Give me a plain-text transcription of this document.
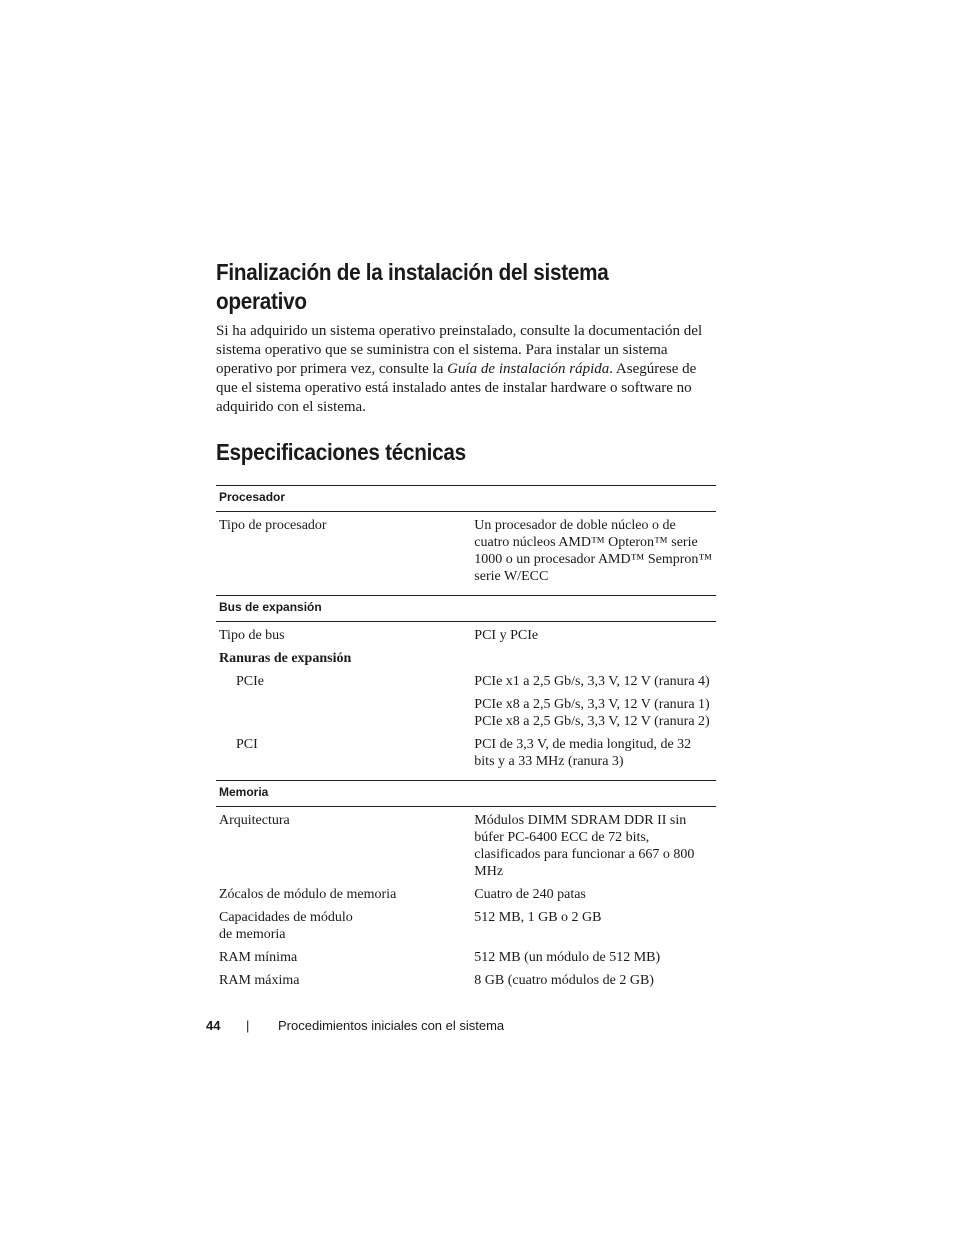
Finalización de la instalación del sistema
operativo

Si ha adquirido un sistema operativo preinstalado, consulte la documentación del sistema operativo que se suministra con el sistema. Para instalar un sistema operativo por primera vez, consulte la Guía de instalación rápida. Asegúrese de que el sistema operativo está instalado antes de instalar hardware o software no adquirido con el sistema.

Especificaciones técnicas
Procesador	
Tipo de procesador	Un procesador de doble núcleo o de cuatro núcleos AMD™ Opteron™ serie 1000 o un procesador AMD™ Sempron™ serie W/ECC
Bus de expansión	
Tipo de bus	PCI y PCIe
Ranuras de expansión	
PCIe	PCIe x1 a 2,5 Gb/s, 3,3 V, 12 V (ranura 4)
	PCIe x8 a 2,5 Gb/s, 3,3 V, 12 V (ranura 1)
PCIe x8 a 2,5 Gb/s, 3,3 V, 12 V (ranura 2)
PCI	PCI de 3,3 V, de media longitud, de 32 bits y a 33 MHz (ranura 3)
Memoria	
Arquitectura	Módulos DIMM SDRAM DDR II sin búfer PC-6400 ECC de 72 bits, clasificados para funcionar a 667 o 800 MHz
Zócalos de módulo de memoria	Cuatro de 240 patas
Capacidades de módulo
de memoria	512 MB, 1 GB o 2 GB
RAM mínima	512 MB (un módulo de 512 MB)
RAM máxima	8 GB (cuatro módulos de 2 GB)
44 | Procedimientos iniciales con el sistema
